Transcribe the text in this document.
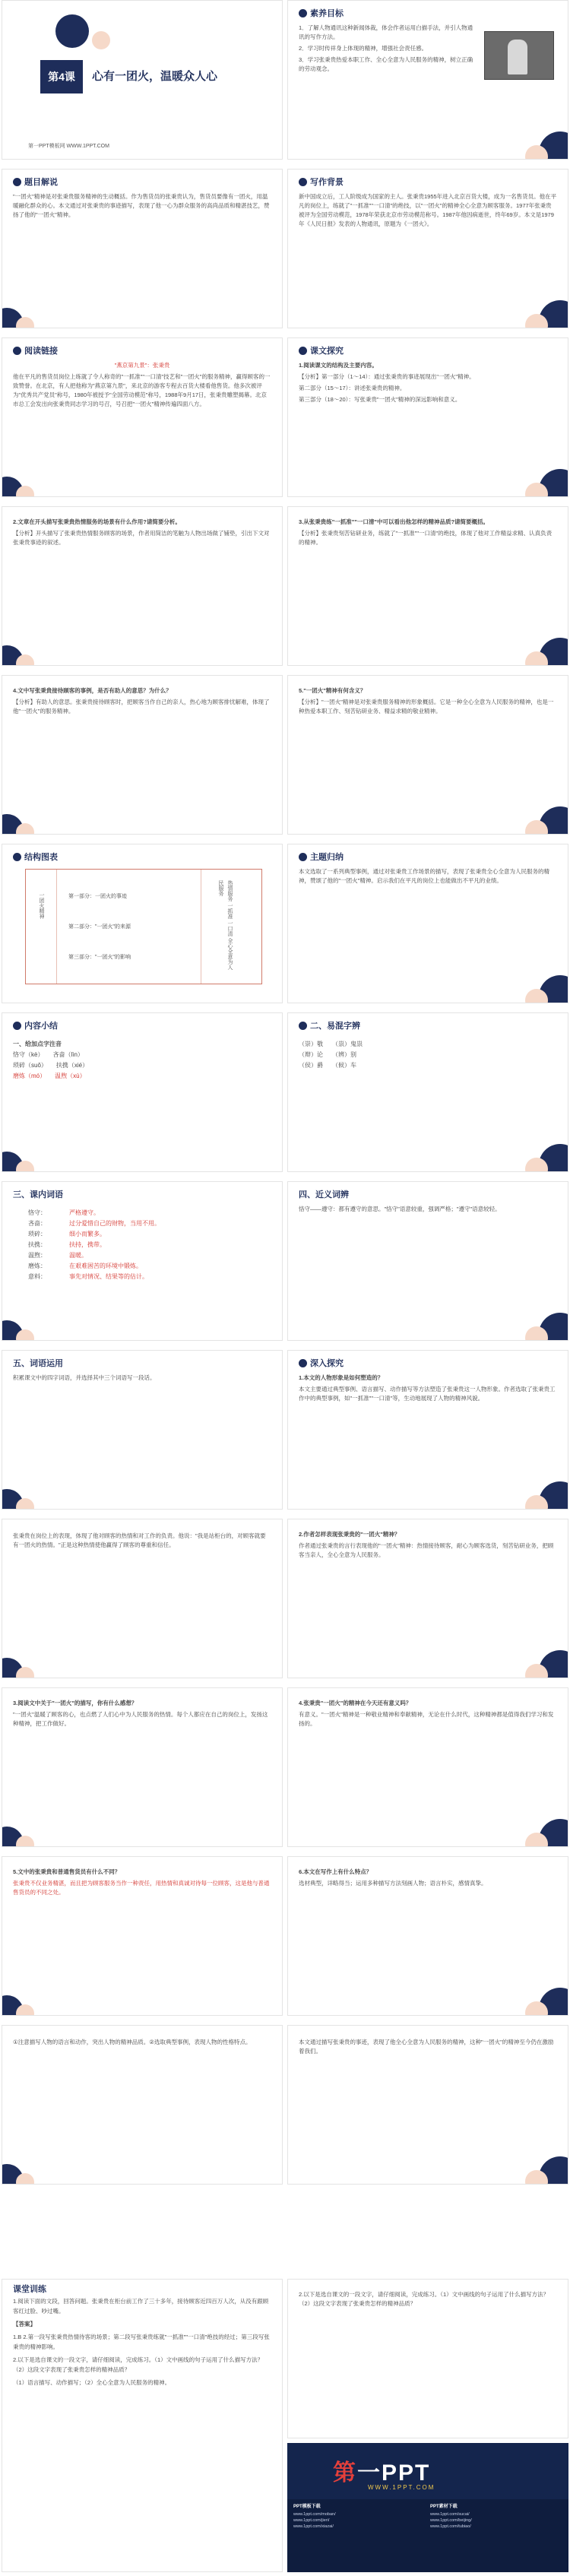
第4课	心有一团火，温暖众人心
第一PPT模板网 WWW.1PPT.COM
素养目标

1．了解人物通讯这种新闻体裁，体会作者运用白描手法，并引人物通讯的写作方法。

2．学习时传祥身上体现的精神，增强社会责任感。

3．学习张秉贵热爱本职工作、全心全意为人民服务的精神，树立正确的劳动观念。

题目解说
"一团火"精神是对张秉贵服务精神的生动概括。作为售货员的张秉贵认为，售货员要像有一团火，用温暖融化群众的心。本文通过对张秉贵的事迹描写，表现了他一心为群众服务的高尚品质和精湛技艺，赞扬了他的"一团火"精神。
写作背景
新中国成立后，工人阶级成为国家的主人。张秉贵1955年进入北京百货大楼，成为一名售货员。他在平凡的岗位上，练就了"一抓准""一口清"的绝技，以"一团火"的精神全心全意为顾客服务。1977年张秉贵被评为全国劳动模范，1978年荣获北京市劳动模范称号。1987年他因病逝世，终年69岁。本文是1979年《人民日报》发表的人物通讯，原题为《一团火》。
阅读链接

"燕京第九景"：张秉贵

他在平凡的售货员岗位上练就了令人称奇的"一抓准""一口清"技艺和"一团火"的服务精神，赢得顾客的一致赞誉。在北京，有人把他称为"燕京第九景"，来北京的游客专程去百货大楼看他售货。他多次被评为"优秀共产党员"称号，1980年被授予"全国劳动模范"称号，1988年9月17日，张秉贵雕塑揭幕。北京市总工会发出向张秉贵同志学习的号召，号召把"一团火"精神传遍四面八方。

课文探究

1.阅读课文的结构及主要内容。

【分析】第一部分（1～14）：通过张秉贵的事迹展现出"一团火"精神。

第二部分（15～17）：讲述张秉贵的精神。

第三部分（18～20）：写张秉贵"一团火"精神的深远影响和意义。

2.文章在开头描写张秉贵热情服务的场景有什么作用?请简要分析。

【分析】开头描写了张秉贵热情服务顾客的场景，作者用简洁的笔触为人物出场做了铺垫，引出下文对张秉贵事迹的叙述。

3.从张秉贵练"一抓准""一口清"中可以看出他怎样的精神品质?请简要概括。

【分析】张秉贵刻苦钻研业务，练就了"一抓准""一口清"的绝技，体现了他对工作精益求精、认真负责的精神。

4.文中写张秉贵接待顾客的事例，是否有助人的意思？为什么？

【分析】有助人的意思。张秉贵接待顾客时，把顾客当作自己的亲人，热心地为顾客排忧解难，体现了他"一团火"的服务精神。

5."一团火"精神有何含义？

【分析】"一团火"精神是对张秉贵服务精神的形象概括。它是一种全心全意为人民服务的精神，也是一种热爱本职工作、刻苦钻研业务、精益求精的敬业精神。

结构图表
一团火精神
第一部分：一团火的事迹
第二部分："一团火"的来源
第三部分："一团火"的影响	热情服务 一抓准 一口清 全心全意为人民服务
主题归纳
本文选取了一系列典型事例，通过对张秉贵工作场景的描写，表现了张秉贵全心全意为人民服务的精神，赞颂了他的"一团火"精神。启示我们在平凡的岗位上也能做出不平凡的业绩。
内容小结
一、给加点字注音
恪守（kè）　　 吝啬（lìn）
琐碎（suǒ）　　 扶携（xié）
磨炼（mó）　　 温煦（xù）
二、易混字辨
（崇）敬　　 （祟）鬼祟
（辩）论　　 （辨）别
（侯）爵　　 （候）车
三、课内词语
恪守：	严格遵守。
吝啬：	过分爱惜自己的财物，当用不用。
琐碎：	细小而繁多。
扶携：	扶持，携带。
温煦：	温暖。
磨炼：	在艰难困苦的环境中锻炼。
意料：	事先对情况、结果等的估计。
四、近义词辨
恪守——遵守：都有遵守的意思。"恪守"语意较重，强调严格；"遵守"语意较轻。
五、词语运用
积累课文中的四字词语，并选择其中三个词语写一段话。
深入探究

1.本文的人物形象是如何塑造的？

本文主要通过典型事例、语言描写、动作描写等方法塑造了张秉贵这一人物形象。作者选取了张秉贵工作中的典型事例，如"一抓准""一口清"等，生动地展现了人物的精神风貌。

张秉贵在岗位上的表现，体现了他对顾客的热情和对工作的负责。他说："我是站柜台的，对顾客就要有一团火的热情。"正是这种热情使他赢得了顾客的尊重和信任。

2.作者怎样表现张秉贵的"一团火"精神？

作者通过张秉贵的言行表现他的"一团火"精神：热情接待顾客，耐心为顾客选货，刻苦钻研业务，把顾客当亲人，全心全意为人民服务。

3.阅读文中关于"一团火"的描写，你有什么感想？

"一团火"温暖了顾客的心，也点燃了人们心中为人民服务的热情。每个人都应在自己的岗位上，发扬这种精神，把工作做好。

4.张秉贵"一团火"的精神在今天还有意义吗？

有意义。"一团火"精神是一种敬业精神和奉献精神，无论在什么时代，这种精神都是值得我们学习和发扬的。

5.文中的张秉贵和普通售货员有什么不同？

张秉贵不仅业务精湛，而且把为顾客服务当作一种责任，用热情和真诚对待每一位顾客，这是他与普通售货员的不同之处。

6.本文在写作上有什么特点？

选材典型，详略得当；运用多种描写方法刻画人物；语言朴实，感情真挚。

①注意描写人物的语言和动作，突出人物的精神品质。②选取典型事例，表现人物的性格特点。	本文通过描写张秉贵的事迹，表现了他全心全意为人民服务的精神，这种"一团火"的精神至今仍在激励着我们。
课堂训练

1.阅读下面的文段，回答问题。张秉贵在柜台前工作了三十多年，接待顾客近四百万人次，从没有跟顾客红过脸、吵过嘴。

【答案】

1.B 2.第一段写张秉贵热情待客的场景；第二段写张秉贵练就"一抓准""一口清"绝技的经过；第三段写张秉贵的精神影响。

2.以下是选自课文的一段文字，请仔细阅读，完成练习。（1）文中画线的句子运用了什么描写方法？（2）这段文字表现了张秉贵怎样的精神品质？

（1）语言描写、动作描写；（2）全心全意为人民服务的精神。

2.以下是选自课文的一段文字，请仔细阅读，完成练习。（1）文中画线的句子运用了什么描写方法？（2）这段文字表现了张秉贵怎样的精神品质？
第一PPT
WWW.1PPT.COM
PPT模板下载
www.1ppt.com/moban/
www.1ppt.com/jieri/
www.1ppt.com/xiazai/
PPT素材下载
www.1ppt.com/sucai/
www.1ppt.com/beijing/
www.1ppt.com/tubiao/
